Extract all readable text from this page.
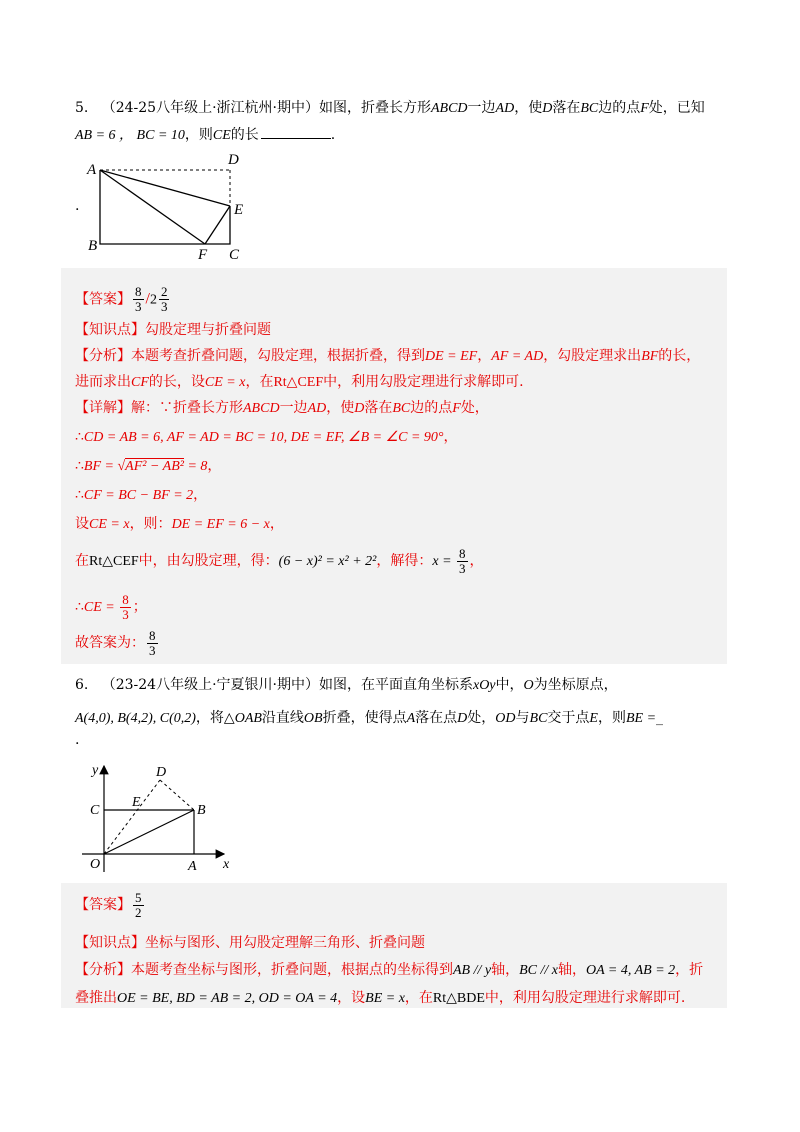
5. （24-25八年级上·浙江杭州·期中）如图，折叠长方形ABCD一边AD，使D落在BC边的点F处，已知
AB = 6 ， BC = 10，则CE的长	.
A
D
E
B
F C
.
【答案】 $\frac{8}{3} /2 \frac{2}{3}$
【知识点】勾股定理与折叠问题
【分析】本题考查折叠问题，勾股定理，根据折叠，得到DE = EF，AF = AD，勾股定理求出BF的长，
进而求出CF的长，设CE = x，在Rt△CEF中，利用勾股定理进行求解即可.
【详解】解：∵折叠长方形ABCD一边AD，使D落在BC边的点F处，
∴CD = AB = 6, AF = AD = BC = 10, DE = EF, ∠B = ∠C = 90°，
∴BF = √AF² − AB² = 8，
∴CF = BC − BF = 2，
设CE = x，则：DE = EF = 6 − x，
在Rt△CEF中，由勾股定理，得：(6 − x)² = x² + 2²，解得：$x = \frac{8}{3}$ ，
∴CE = $\frac{8}{3}$ ；
故答案为： $\frac{8}{3}$
6. （23-24八年级上·宁夏银川·期中）如图，在平面直角坐标系xOy中，O为坐标原点，
A(4,0), B(4,2), C(0,2)，将△OAB沿直线OB折叠，使得点A落在点D处，OD与BC交于点E，则BE =_
.
y
x
O	A
B
C
D
E
【答案】 $\frac{5}{2}$
【知识点】坐标与图形、用勾股定理解三角形、折叠问题
【分析】本题考查坐标与图形，折叠问题，根据点的坐标得到AB // y轴，BC // x轴，OA = 4, AB = 2，折
叠推出OE = BE, BD = AB = 2, OD = OA = 4，设BE = x，在Rt△BDE中，利用勾股定理进行求解即可.
